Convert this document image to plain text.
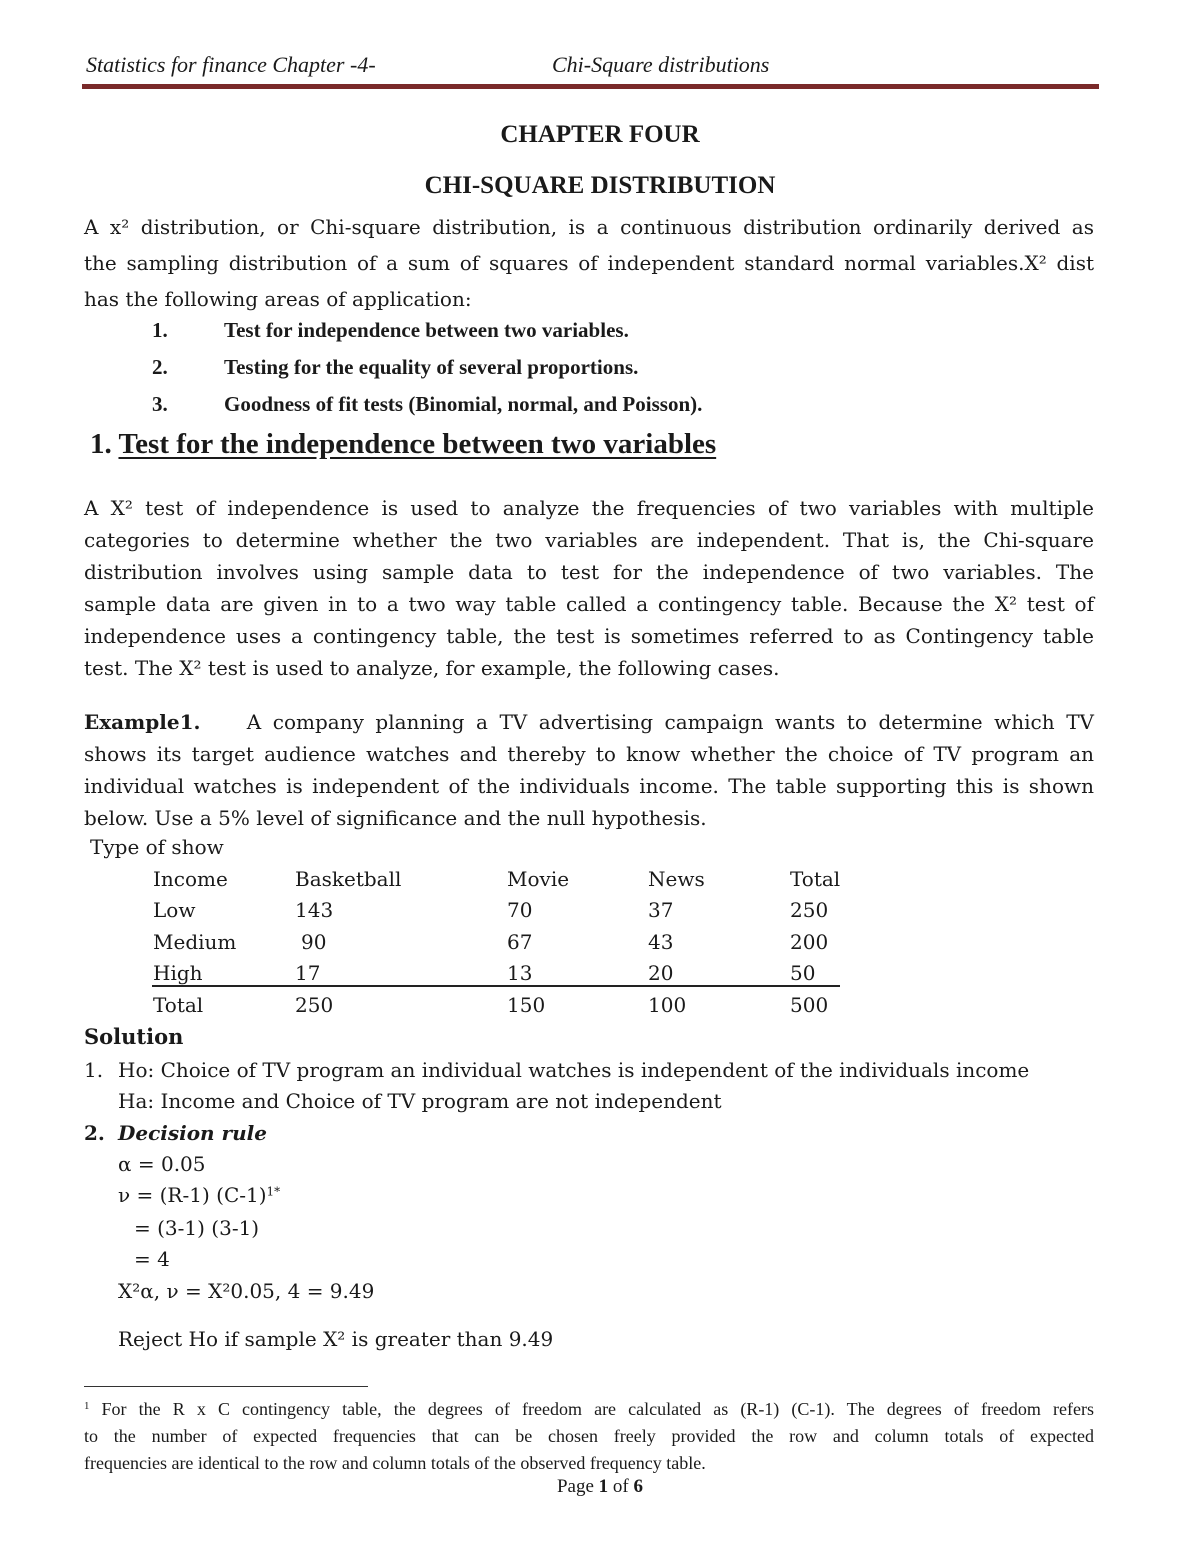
Statistics for finance Chapter -4-	Chi-Square distributions
CHAPTER FOUR
CHI-SQUARE DISTRIBUTION
A x² distribution, or Chi-square distribution, is a continuous distribution ordinarily derived as
the sampling distribution of a sum of squares of independent standard normal variables.X² dist
has the following areas of application:
1.	Test for independence between two variables.
2.	Testing for the equality of several proportions.
3.	Goodness of fit tests (Binomial, normal, and Poisson).
1. Test for the independence between two variables
A X² test of independence is used to analyze the frequencies of two variables with multiple
categories to determine whether the two variables are independent. That is, the Chi-square
distribution involves using sample data to test for the independence of two variables. The
sample data are given in to a two way table called a contingency table. Because the X² test of
independence uses a contingency table, the test is sometimes referred to as Contingency table
test. The X² test is used to analyze, for example, the following cases.
Example1. A company planning a TV advertising campaign wants to determine which TV
shows its target audience watches and thereby to know whether the choice of TV program an
individual watches is independent of the individuals income. The table supporting this is shown
below. Use a 5% level of significance and the null hypothesis.
Type of show
Income	Basketball	Movie	News	Total
Low	143	70	37	250
Medium	90	67	43	200
High	17	13	20	50
Total	250	150	100	500
Solution
1. Ho: Choice of TV program an individual watches is independent of the individuals income
Ha: Income and Choice of TV program are not independent
2. Decision rule
α = 0.05
ν = (R-1) $(C-1)^{1*}$
= (3-1) (3-1)
= 4
X²α, ν = X²0.05, 4 = 9.49
Reject Ho if sample X² is greater than 9.49
$^1$ For the R x C contingency table, the degrees of freedom are calculated as (R-1) (C-1). The degrees of freedom refers
to the number of expected frequencies that can be chosen freely provided the row and column totals of expected
frequencies are identical to the row and column totals of the observed frequency table.
Page 1 of 6
